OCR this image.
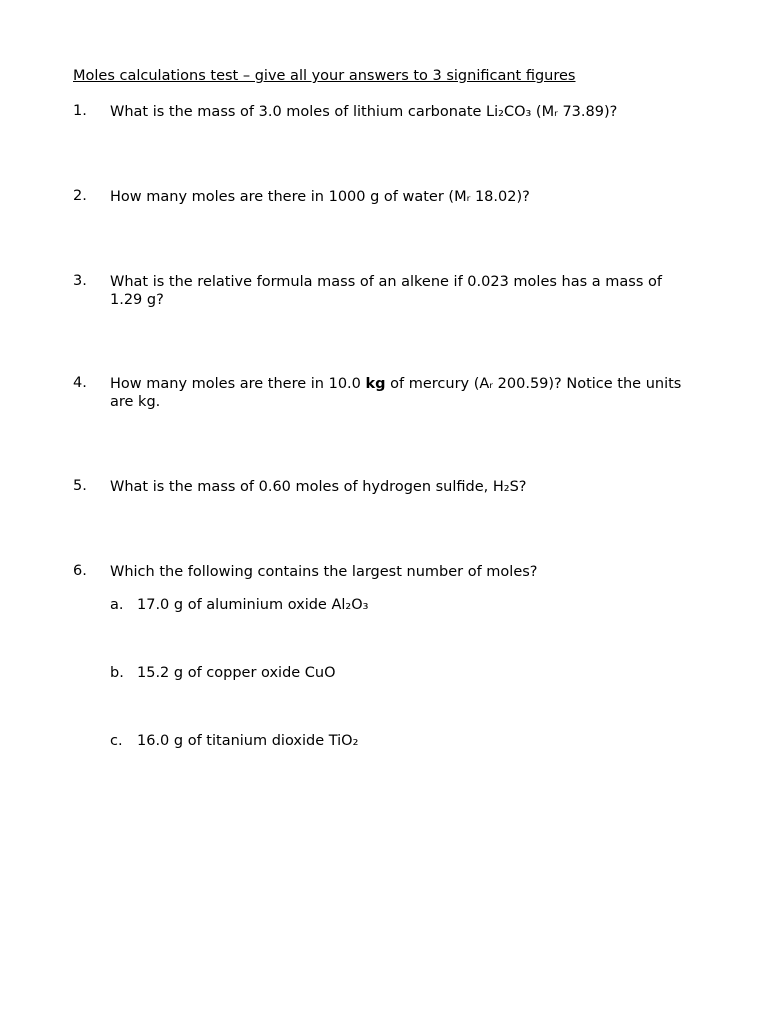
Moles calculations test – give all your answers to 3 significant figures
1. What is the mass of 3.0 moles of lithium carbonate Li₂CO₃ (Mᵣ 73.89)?
2. How many moles are there in 1000 g of water (Mᵣ 18.02)?
3. What is the relative formula mass of an alkene if 0.023 moles has a mass of 1.29 g?
4. How many moles are there in 10.0 kg of mercury (Aᵣ 200.59)? Notice the units are kg.
5. What is the mass of 0.60 moles of hydrogen sulfide, H₂S?
6. Which the following contains the largest number of moles?
a. 17.0 g of aluminium oxide Al₂O₃
b. 15.2 g of copper oxide CuO
c. 16.0 g of titanium dioxide TiO₂
